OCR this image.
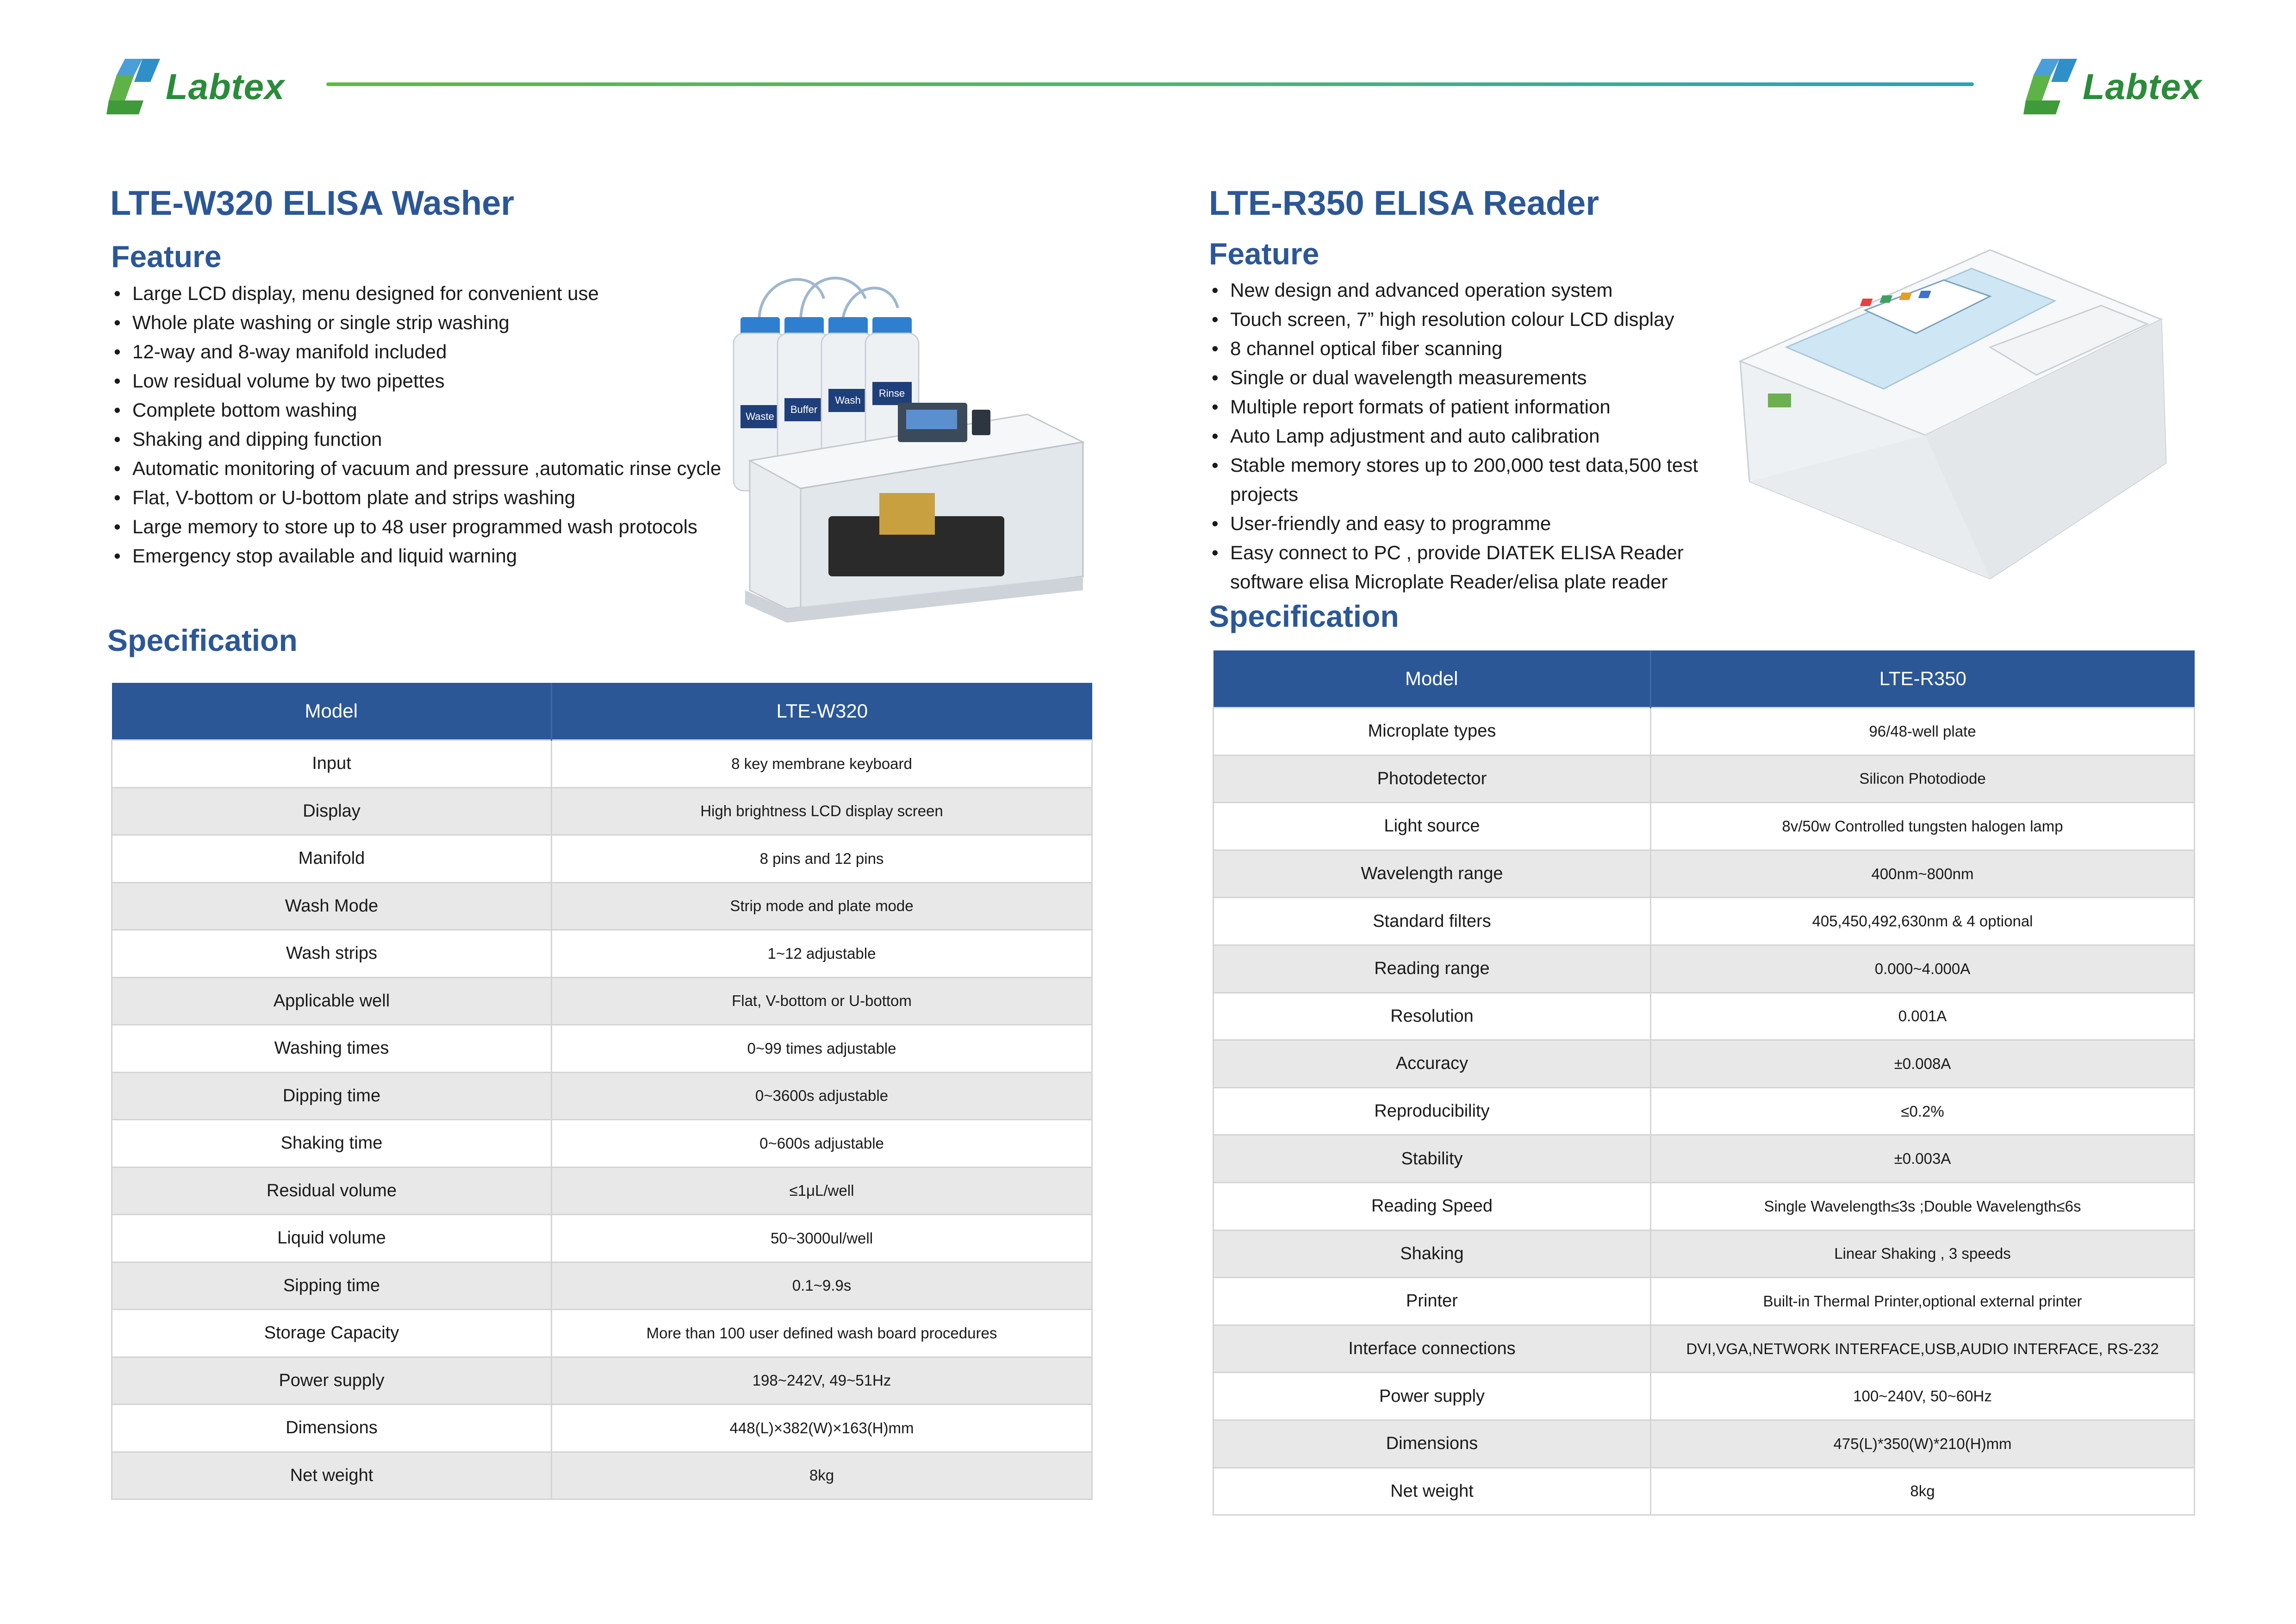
Labtex	Labtex
LTE-W320 ELISA Washer
Feature
• Large LCD display, menu designed for convenient use
• Whole plate washing or single strip washing
• 12-way and 8-way manifold included
• Low residual volume by two pipettes
• Complete bottom washing
• Shaking and dipping function
• Automatic monitoring of vacuum and pressure ,automatic rinse cycle
• Flat, V-bottom or U-bottom plate and strips washing
• Large memory to store up to 48 user programmed wash protocols
• Emergency stop available and liquid warning
Waste
Buffer
Wash
Rinse
Specification
Model	LTE-W320
Input	8 key membrane keyboard
Display	High brightness LCD display screen
Manifold	8 pins and 12 pins
Wash Mode	Strip mode and plate mode
Wash strips	1~12 adjustable
Applicable well	Flat, V-bottom or U-bottom
Washing times	0~99 times adjustable
Dipping time	0~3600s adjustable
Shaking time	0~600s adjustable
Residual volume	≤1μL/well
Liquid volume	50~3000ul/well
Sipping time	0.1~9.9s
Storage Capacity	More than 100 user defined wash board procedures
Power supply	198~242V, 49~51Hz
Dimensions	448(L)×382(W)×163(H)mm
Net weight	8kg
LTE-R350 ELISA Reader
Feature
• New design and advanced operation system
• Touch screen, 7” high resolution colour LCD display
• 8 channel optical fiber scanning
• Single or dual wavelength measurements
• Multiple report formats of patient information
• Auto Lamp adjustment and auto calibration
• Stable memory stores up to 200,000 test data,500 test projects
• User-friendly and easy to programme
• Easy connect to PC , provide DIATEK ELISA Reader software elisa Microplate Reader/elisa plate reader
Specification
Model	LTE-R350
Microplate types	96/48-well plate
Photodetector	Silicon Photodiode
Light source	8v/50w Controlled tungsten halogen lamp
Wavelength range	400nm~800nm
Standard filters	405,450,492,630nm & 4 optional
Reading range	0.000~4.000A
Resolution	0.001A
Accuracy	±0.008A
Reproducibility	≤0.2%
Stability	±0.003A
Reading Speed	Single Wavelength≤3s ;Double Wavelength≤6s
Shaking	Linear Shaking , 3 speeds
Printer	Built-in Thermal Printer,optional external printer
Interface connections	DVI,VGA,NETWORK INTERFACE,USB,AUDIO INTERFACE, RS-232
Power supply	100~240V, 50~60Hz
Dimensions	475(L)*350(W)*210(H)mm
Net weight	8kg
